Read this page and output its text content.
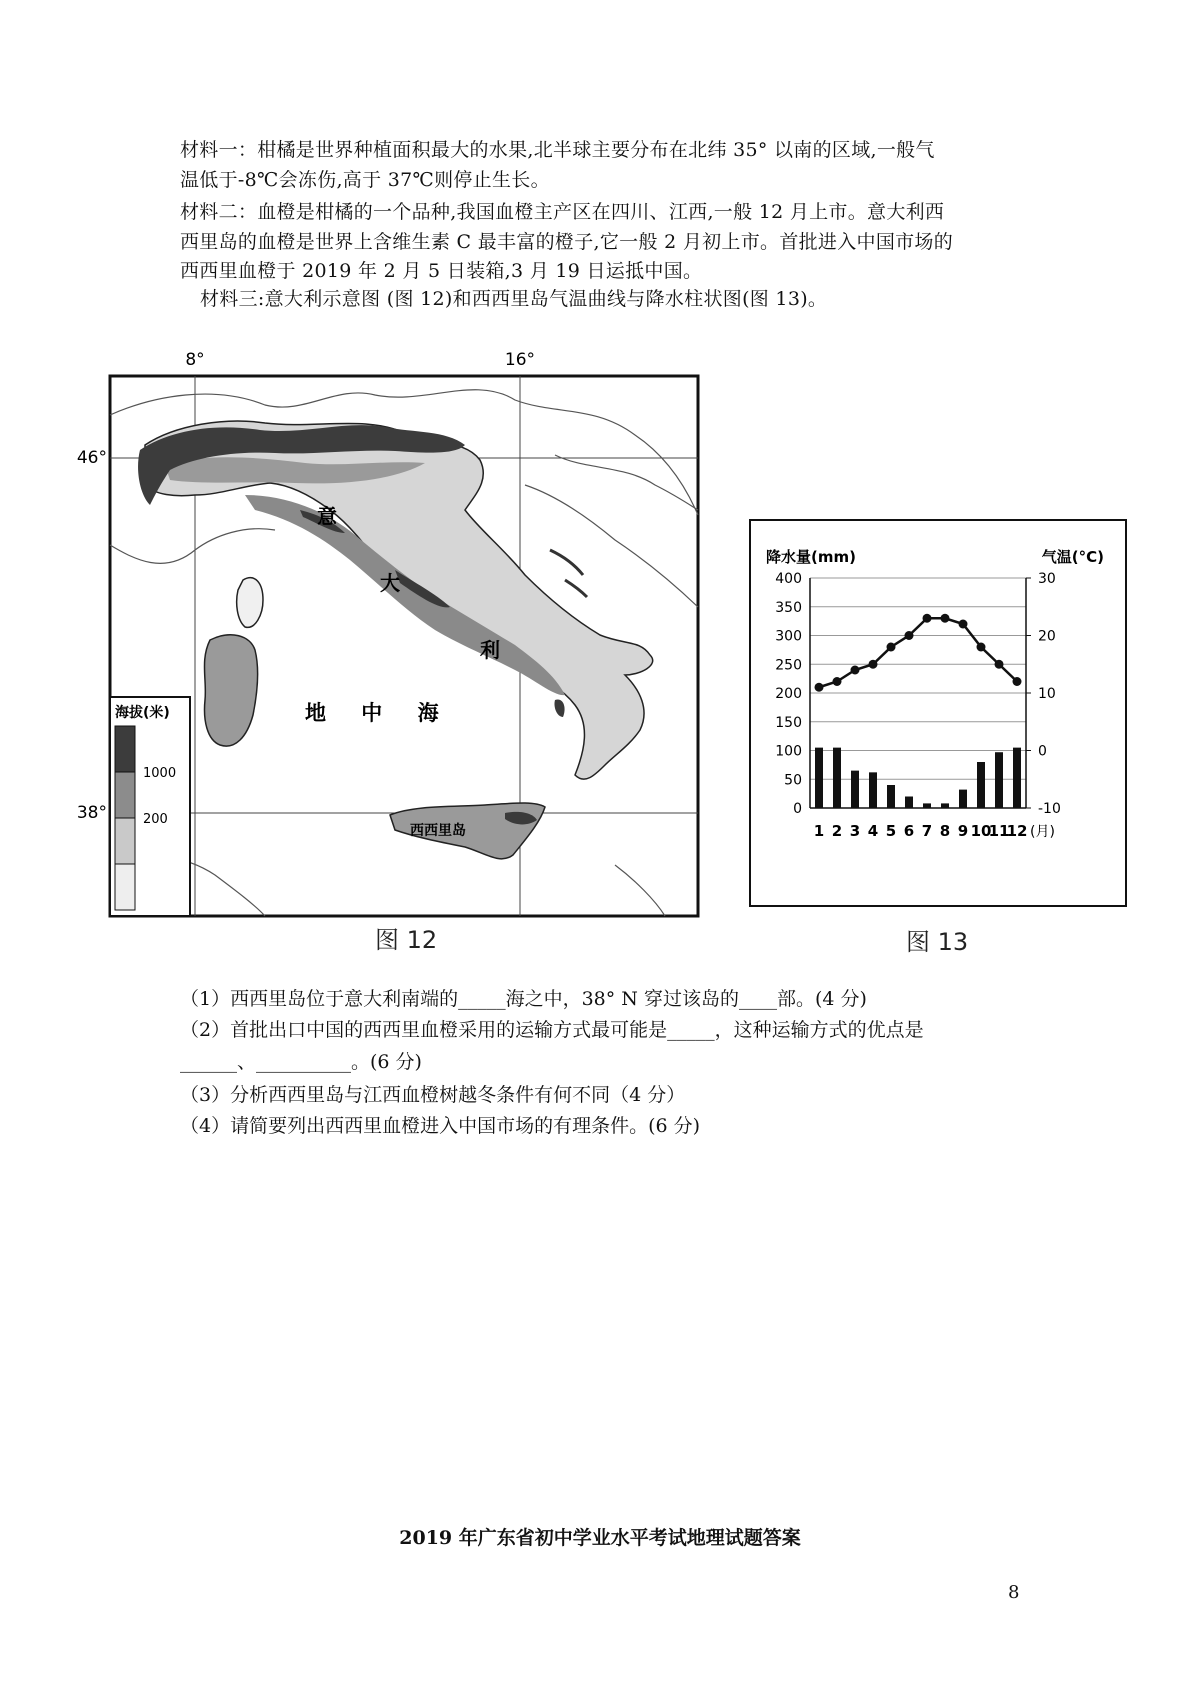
材料一：柑橘是世界种植面积最大的水果,北半球主要分布在北纬 35° 以南的区域,一般气

温低于-8℃会冻伤,高于 37℃则停止生长。

材料二：血橙是柑橘的一个品种,我国血橙主产区在四川、江西,一般 12 月上市。意大利西

西里岛的血橙是世界上含维生素 C 最丰富的橙子,它一般 2 月初上市。首批进入中国市场的

西西里血橙于 2019 年 2 月 5 日装箱,3 月 19 日运抵中国。

材料三:意大利示意图 (图 12)和西西里岛气温曲线与降水柱状图(图 13)。

8°	16°
46°
38°
意
大
利
地 中 海
西西里岛
海拔(米)
1000
200
图 12
降水量(mm)	气温(°C)
0
50
100
150
200
250
300
350
400
-10
0
10
20
30
1 2 3 4 5 6 7 8 9 10
11
12 (月)
图 13

（1）西西里岛位于意大利南端的_____海之中，38° N 穿过该岛的____部。(4 分)

（2）首批出口中国的西西里血橙采用的运输方式最可能是_____，这种运输方式的优点是

______、__________。(6 分)

（3）分析西西里岛与江西血橙树越冬条件有何不同（4 分）

（4）请简要列出西西里血橙进入中国市场的有理条件。(6 分)

2019 年广东省初中学业水平考试地理试题答案
8
